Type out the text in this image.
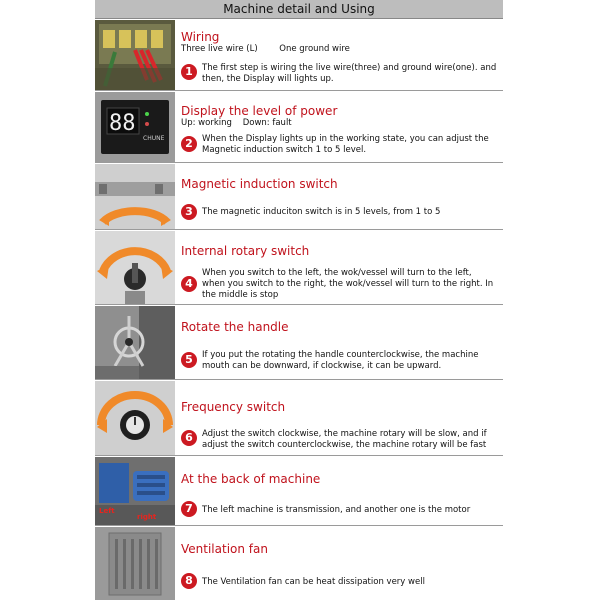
Machine detail and Using
Wiring
Three live wire (L)        One ground wire
1	The first step is wiring the live wire(three) and ground wire(one). and then, the Display will lights up.
88
CHUNE
Display the level of power
Up: working    Down: fault
2	When the Display lights up in the working state, you can adjust the Magnetic induction switch 1 to 5 level.
Magnetic induction switch
3	The magnetic induciton switch is in 5 levels, from 1 to 5
Internal rotary switch
4
When you switch to the left, the wok/vessel will turn to the left, when you switch to the right, the wok/vessel will turn to the right. In the middle is stop
Rotate the handle
5	If you put the rotating the handle counterclockwise, the machine mouth can be downward, if clockwise, it can be upward.
Frequency switch
6	Adjust the switch clockwise, the machine rotary will be slow, and if adjust the switch counterclockwise, the machine rotary will be fast
Left
right
At the back of machine
7	The left machine is transmission, and another one is the motor
Ventilation fan
8	The Ventilation fan can be heat dissipation very well
